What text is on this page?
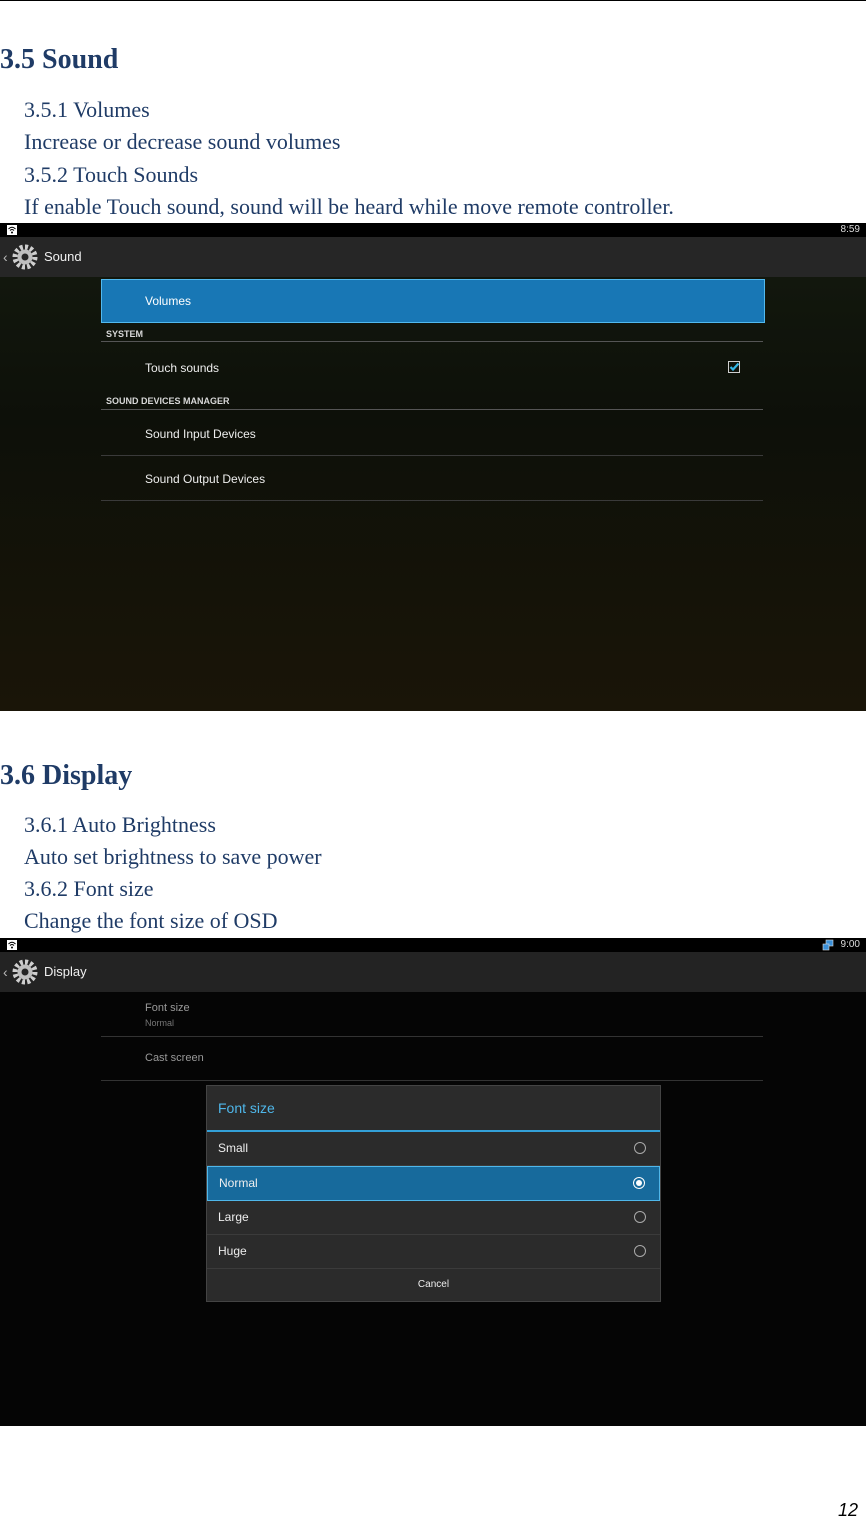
3.5 Sound
3.5.1 Volumes
Increase or decrease sound volumes
3.5.2 Touch Sounds
If enable Touch sound, sound will be heard while move remote controller.
8:59
‹	Sound
Volumes
SYSTEM
Touch sounds
SOUND DEVICES MANAGER
Sound Input Devices
Sound Output Devices
3.6 Display
3.6.1 Auto Brightness
Auto set brightness to save power
3.6.2 Font size
Change the font size of OSD
9:00
‹	Display
Font size
Normal
Cast screen
Font size
Small
Normal
Large
Huge
Cancel
12
